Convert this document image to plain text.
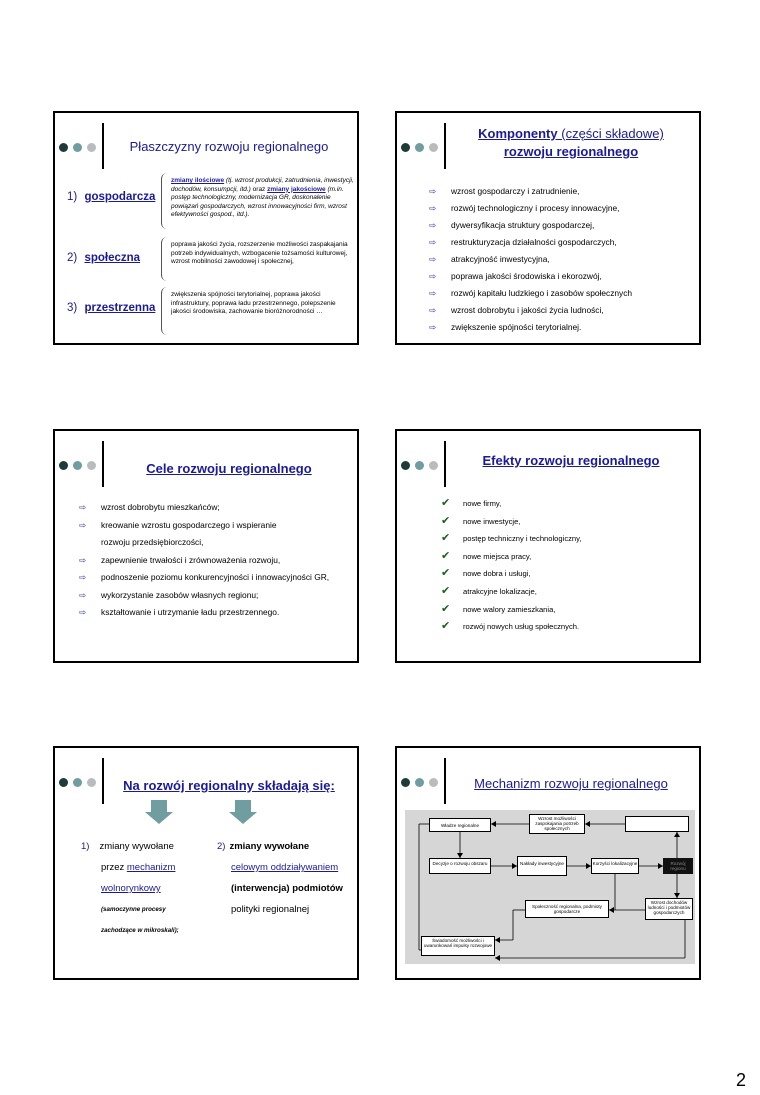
Płaszczyzny rozwoju regionalnego
1) gospodarcza
zmiany ilościowe (tj. wzrost produkcji, zatrudnienia, inwestycji, dochodów, konsumpcji, itd.) oraz zmiany jakościowe (m.in. postęp technologiczny, modernizacja GR, doskonalenie powiązań gospodarczych, wzrost innowacyjności firm, wzrost efektywności gospod., itd.).
2) społeczna
poprawa jakości życia, rozszerzenie możliwości zaspakajania potrzeb indywidualnych, wzbogacenie tożsamości kulturowej, wzrost mobilności zawodowej i społecznej,
3) przestrzenna
zwiększenia spójności terytorialnej, poprawa jakości infrastruktury, poprawa ładu przestrzennego, polepszenie jakości środowiska, zachowanie bioróżnorodności …
Komponenty (części składowe)
rozwoju regionalnego
⇨ wzrost gospodarczy i zatrudnienie,
⇨ rozwój technologiczny i procesy innowacyjne,
⇨ dywersyfikacja struktury gospodarczej,
⇨ restrukturyzacja działalności gospodarczych,
⇨ atrakcyjność inwestycyjna,
⇨ poprawa jakości środowiska i ekorozwój,
⇨ rozwój kapitału ludzkiego i zasobów społecznych
⇨ wzrost dobrobytu i jakości życia ludności,
⇨ zwiększenie spójności terytorialnej.
Cele rozwoju regionalnego
⇨ wzrost dobrobytu mieszkańców;
⇨ kreowanie wzrostu gospodarczego i wspieranie rozwoju przedsiębiorczości,
⇨ zapewnienie trwałości i zrównoważenia rozwoju,
⇨ podnoszenie poziomu konkurencyjności i innowacyjności GR,
⇨ wykorzystanie zasobów własnych regionu;
⇨ kształtowanie i utrzymanie ładu przestrzennego.
Efekty rozwoju regionalnego
✔ nowe firmy,
✔ nowe inwestycje,
✔ postęp techniczny i technologiczny,
✔ nowe miejsca pracy,
✔ nowe dobra i usługi,
✔ atrakcyjne lokalizacje,
✔ nowe walory zamieszkania,
✔ rozwój nowych usług społecznych.
Na rozwój regionalny składają się:
1) zmiany wywołane
przez mechanizm
wolnorynkowy
(samoczynne procesy
zachodzące w mikroskali);
2) zmiany wywołane
celowym oddziaływaniem
(interwencja) podmiotów
polityki regionalnej
Mechanizm rozwoju regionalnego
Władze regionalne
Wzrost możliwości zaspokajania potrzeb społecznych
Decyzje o rozwoju obszaru	Nakłady inwestycyjne	Korzyści lokalizacyjne	Rozwój regionu
Społeczność regionalna, podmioty gospodarcze
Wzrost dochodów ludności i podmiotów gospodarczych
Świadomość możliwości i uwarunkowań impulsy rozwojowe
2
